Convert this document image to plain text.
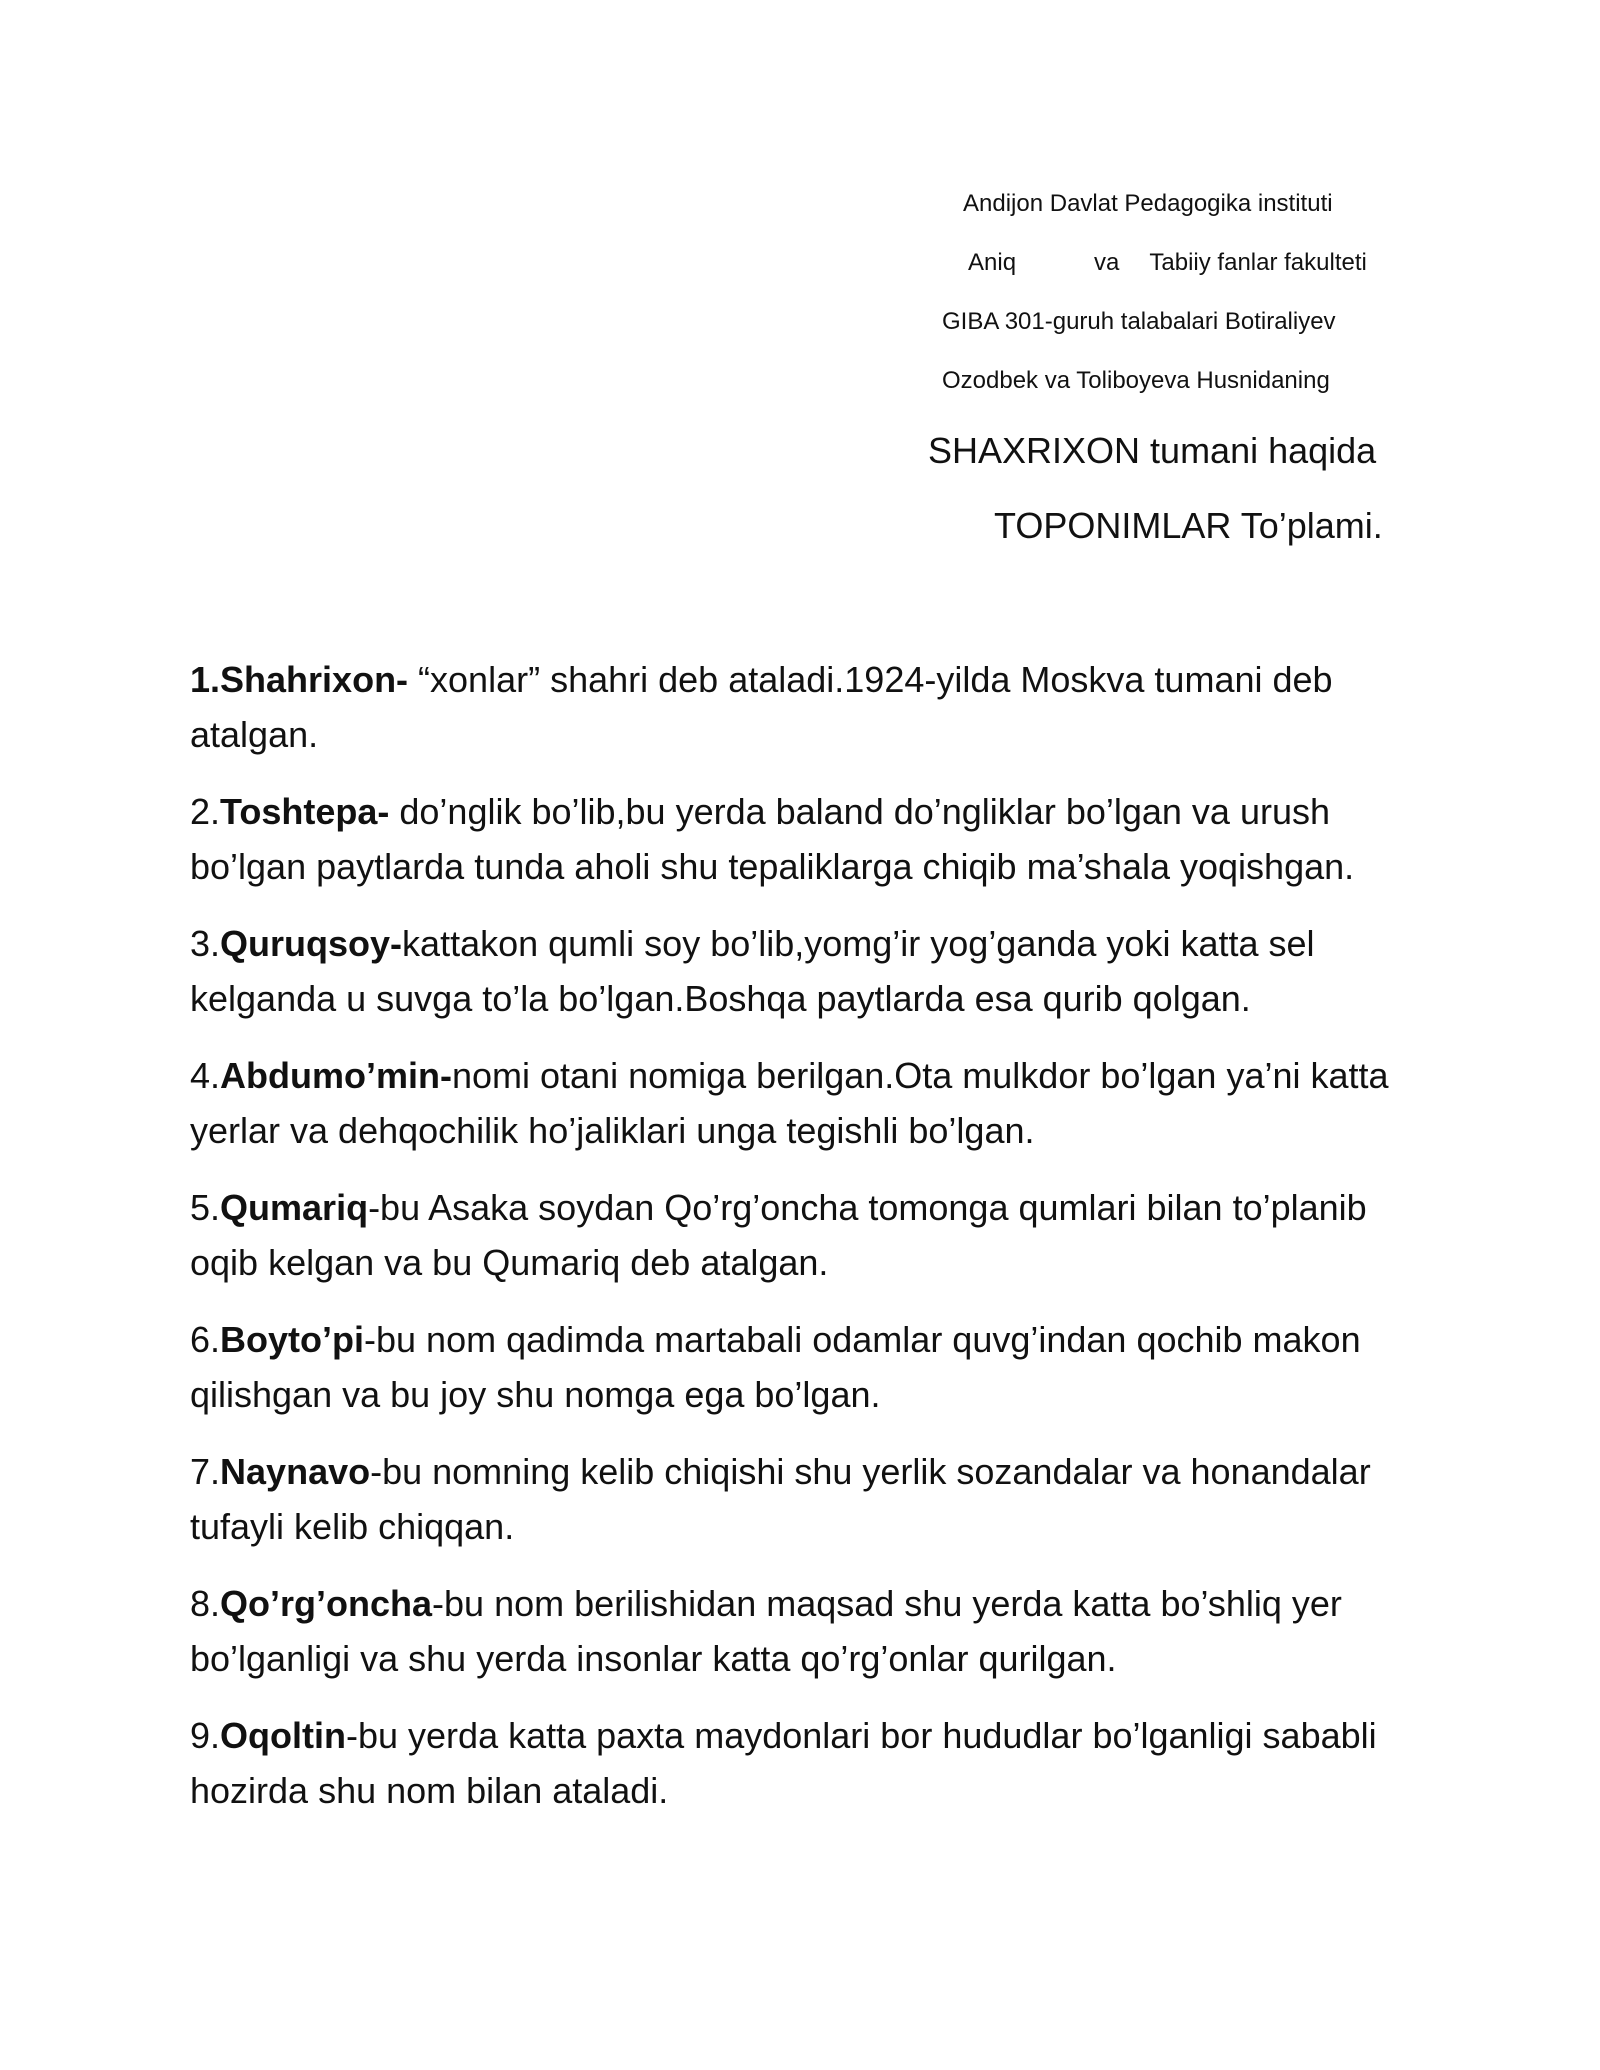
Andijon Davlat Pedagogika instituti
Aniq	va Tabiiy fanlar fakulteti
GIBA 301-guruh talabalari Botiraliyev
Ozodbek va Toliboyeva Husnidaning
SHAXRIXON tumani haqida
TOPONIMLAR To’plami.

1.Shahrixon- “xonlar” shahri deb ataladi.1924-yilda Moskva tumani deb atalgan.

2.Toshtepa- do’nglik bo’lib,bu yerda baland do’ngliklar bo’lgan va urush bo’lgan paytlarda tunda aholi shu tepaliklarga chiqib ma’shala yoqishgan.

3.Quruqsoy-kattakon qumli soy bo’lib,yomg’ir yog’ganda yoki katta sel kelganda u suvga to’la bo’lgan.Boshqa paytlarda esa qurib qolgan.

4.Abdumo’min-nomi otani nomiga berilgan.Ota mulkdor bo’lgan ya’ni katta yerlar va dehqochilik ho’jaliklari unga tegishli bo’lgan.

5.Qumariq-bu Asaka soydan Qo’rg’oncha tomonga qumlari bilan to’planib oqib kelgan va bu Qumariq deb atalgan.

6.Boyto’pi-bu nom qadimda martabali odamlar quvg’indan qochib makon qilishgan va bu joy shu nomga ega bo’lgan.

7.Naynavo-bu nomning kelib chiqishi shu yerlik sozandalar va honandalar tufayli kelib chiqqan.

8.Qo’rg’oncha-bu nom berilishidan maqsad shu yerda katta bo’shliq yer bo’lganligi va shu yerda insonlar katta qo’rg’onlar qurilgan.

9.Oqoltin-bu yerda katta paxta maydonlari bor hududlar bo’lganligi sababli hozirda shu nom bilan ataladi.
